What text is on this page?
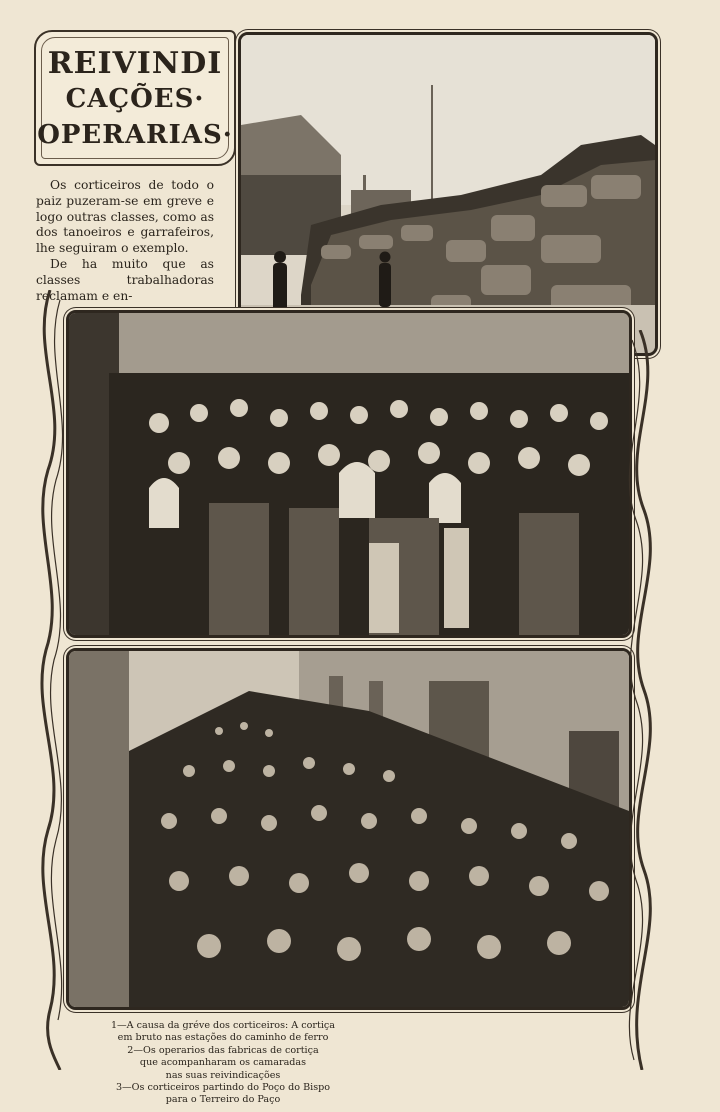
REIVINDI
CAÇÕES·
OPERARIAS·

Os corticeiros de todo o paiz puzeram-se em greve e logo outras classes, como as dos tanoeiros e garrafeiros, lhe seguiram o exemplo.

De ha muito que as classes trabalhadoras reclamam e en-

1—A causa da gréve dos corticeiros: A cortiça
em bruto nas estações do caminho de ferro
2—Os operarios das fabricas de cortiça
que acompanharam os camaradas
nas suas reivindicações
3—Os corticeiros partindo do Poço do Bispo
para o Terreiro do Paço
